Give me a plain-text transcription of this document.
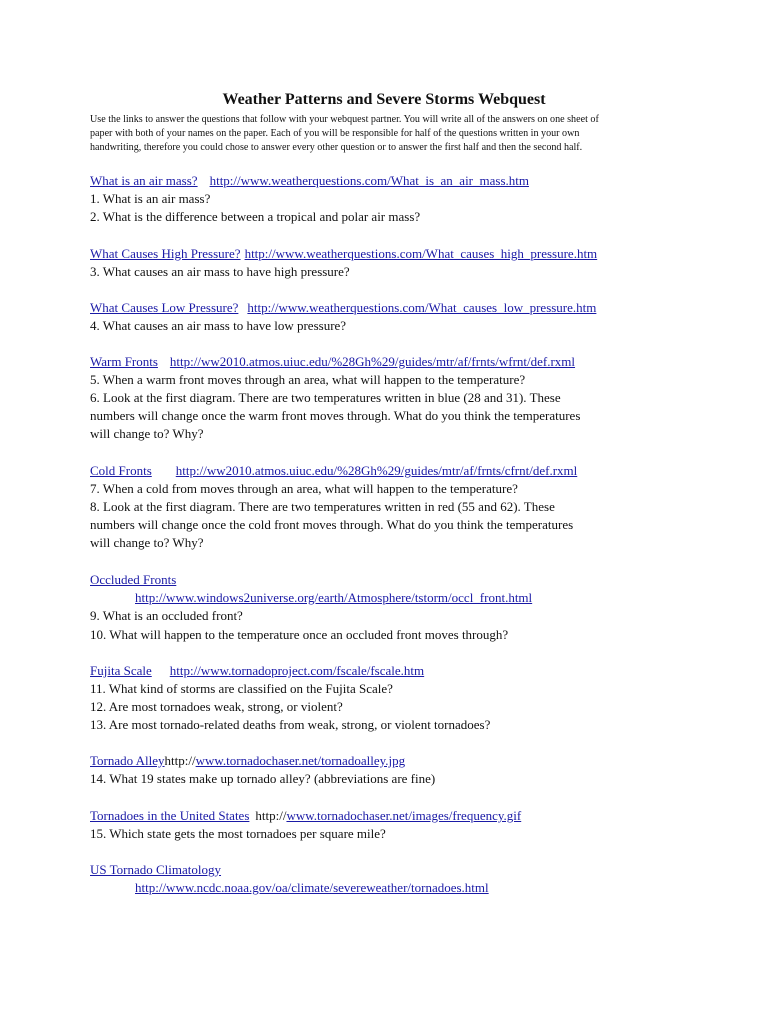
Weather Patterns and Severe Storms Webquest
Use the links to answer the questions that follow with your webquest partner. You will write all of the answers on one sheet of
paper with both of your names on the paper. Each of you will be responsible for half of the questions written in your own
handwriting, therefore you could chose to answer every other question or to answer the first half and then the second half.
What is an air mass? http://www.weatherquestions.com/What_is_an_air_mass.htm
1. What is an air mass?
2. What is the difference between a tropical and polar air mass?
What Causes High Pressure? http://www.weatherquestions.com/What_causes_high_pressure.htm
3. What causes an air mass to have high pressure?
What Causes Low Pressure? http://www.weatherquestions.com/What_causes_low_pressure.htm
4. What causes an air mass to have low pressure?
Warm Fronts http://ww2010.atmos.uiuc.edu/%28Gh%29/guides/mtr/af/frnts/wfrnt/def.rxml
5. When a warm front moves through an area, what will happen to the temperature?
6. Look at the first diagram. There are two temperatures written in blue (28 and 31). These
numbers will change once the warm front moves through. What do you think the temperatures
will change to? Why?
Cold Fronts http://ww2010.atmos.uiuc.edu/%28Gh%29/guides/mtr/af/frnts/cfrnt/def.rxml
7. When a cold from moves through an area, what will happen to the temperature?
8. Look at the first diagram. There are two temperatures written in red (55 and 62). These
numbers will change once the cold front moves through. What do you think the temperatures
will change to? Why?
Occluded Fronts
http://www.windows2universe.org/earth/Atmosphere/tstorm/occl_front.html
9. What is an occluded front?
10. What will happen to the temperature once an occluded front moves through?
Fujita Scale http://www.tornadoproject.com/fscale/fscale.htm
11. What kind of storms are classified on the Fujita Scale?
12. Are most tornadoes weak, strong, or violent?
13. Are most tornado-related deaths from weak, strong, or violent tornadoes?
Tornado Alleyhttp://www.tornadochaser.net/tornadoalley.jpg
14. What 19 states make up tornado alley? (abbreviations are fine)
Tornadoes in the United States http://www.tornadochaser.net/images/frequency.gif
15. Which state gets the most tornadoes per square mile?
US Tornado Climatology
http://www.ncdc.noaa.gov/oa/climate/severeweather/tornadoes.html
